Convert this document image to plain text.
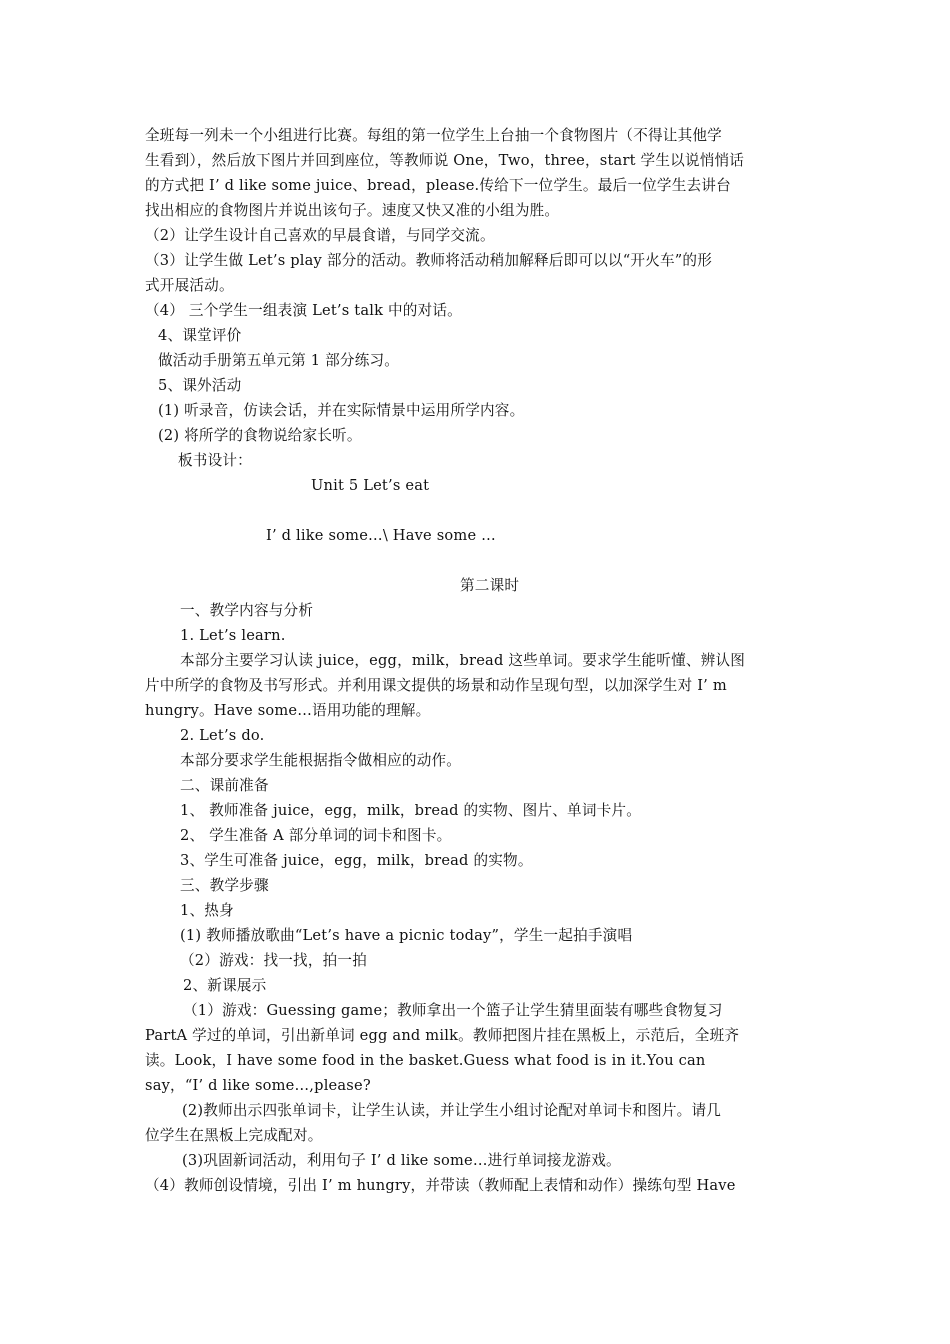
全班每一列未一个小组进行比赛。每组的第一位学生上台抽一个食物图片（不得让其他学
生看到），然后放下图片并回到座位，等教师说 One，Two，three，start 学生以说悄悄话
的方式把 I’ d like some juice、bread，please.传给下一位学生。最后一位学生去讲台
找出相应的食物图片并说出该句子。速度又快又准的小组为胜。
（2）让学生设计自己喜欢的早晨食谱，与同学交流。
（3）让学生做 Let’s play 部分的活动。教师将活动稍加解释后即可以以“开火车”的形
式开展活动。
（4） 三个学生一组表演 Let’s talk 中的对话。
4、课堂评价
做活动手册第五单元第 1 部分练习。
5、课外活动
(1) 听录音，仿读会话，并在实际情景中运用所学内容。
(2) 将所学的食物说给家长听。
板书设计：
Unit 5 Let’s eat
I’ d like some…\ Have some …
第二课时
一、教学内容与分析
1. Let’s learn.
本部分主要学习认读 juice，egg，milk，bread 这些单词。要求学生能听懂、辨认图
片中所学的食物及书写形式。并利用课文提供的场景和动作呈现句型，以加深学生对 I’ m
hungry。Have some…语用功能的理解。
2. Let’s do.
本部分要求学生能根据指令做相应的动作。
二、课前准备
1、 教师准备 juice，egg，milk，bread 的实物、图片、单词卡片。
2、 学生准备 A 部分单词的词卡和图卡。
3、学生可准备 juice，egg，milk，bread 的实物。
三、教学步骤
1、热身
(1) 教师播放歌曲“Let’s have a picnic today”，学生一起拍手演唱
（2）游戏：找一找，拍一拍
2、新课展示
（1）游戏：Guessing game；教师拿出一个篮子让学生猜里面装有哪些食物复习
PartA 学过的单词，引出新单词 egg and milk。教师把图片挂在黑板上，示范后，全班齐
读。Look，I have some food in the basket.Guess what food is in it.You can
say，“I’ d like some…,please?
(2)教师出示四张单词卡，让学生认读，并让学生小组讨论配对单词卡和图片。请几
位学生在黑板上完成配对。
(3)巩固新词活动，利用句子 I’ d like some…进行单词接龙游戏。
（4）教师创设情境，引出 I’ m hungry，并带读（教师配上表情和动作）操练句型 Have
